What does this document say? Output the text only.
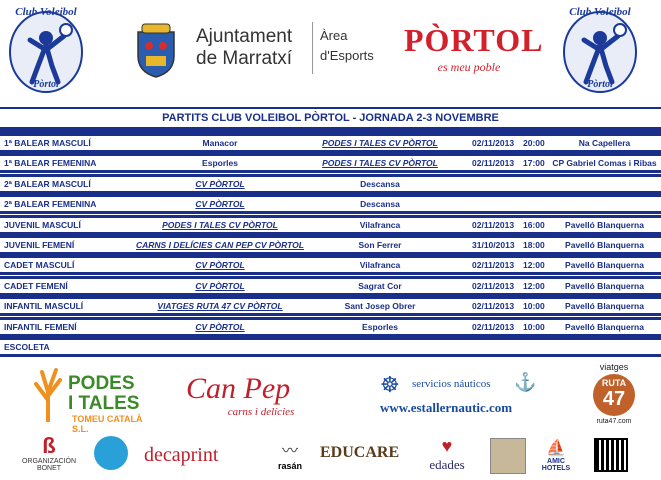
Club Voleibol
Pòrtol
Ajuntament
de Marratxí
Àrea
d'Esports PÒRTOL
es meu poble
Club Voleibol
Pòrtol
PARTITS CLUB VOLEIBOL PÒRTOL - JORNADA 2-3 NOVEMBRE
1ª BALEAR MASCULÍ	Manacor	PODES I TALES CV PÒRTOL	02/11/2013	20:00	Na Capellera
1ª BALEAR FEMENINA	Esporles	PODES I TALES CV PÒRTOL	02/11/2013	17:00 CP Gabriel Comas i Ribas
2ª BALEAR MASCULÍ	CV PÒRTOL	Descansa
2ª BALEAR FEMENINA	CV PÒRTOL	Descansa
JUVENIL MASCULÍ	PODES I TALES CV PÒRTOL	Vilafranca	02/11/2013	16:00	Pavelló Blanquerna
JUVENIL FEMENÍ	CARNS I DELÍCIES CAN PEP CV PÒRTOL	Son Ferrer	31/10/2013 18:00	Pavelló Blanquerna
CADET MASCULÍ	CV PÒRTOL	Vilafranca	02/11/2013	12:00	Pavelló Blanquerna
CADET FEMENÍ	CV PÒRTOL	Sagrat Cor	02/11/2013	12:00	Pavelló Blanquerna
INFANTIL MASCULÍ	VIATGES RUTA 47 CV PÒRTOL	Sant Josep Obrer	02/11/2013	10:00	Pavelló Blanquerna
INFANTIL FEMENÍ	CV PÒRTOL	Esporles	02/11/2013	10:00	Pavelló Blanquerna
ESCOLETA
PODES
I TALES
TOMEU CATALÀ S.L.
Can Pep
carns i delícies
☸ servicios náuticos ⚓
www.estallernautic.com
viatges
RUTA
47
ruta47.com
ß
ORGANIZACIÓN BONET
decaprint	〰
rasán
EDUCARE	♥
edades
⛵
AMIC HOTELS
